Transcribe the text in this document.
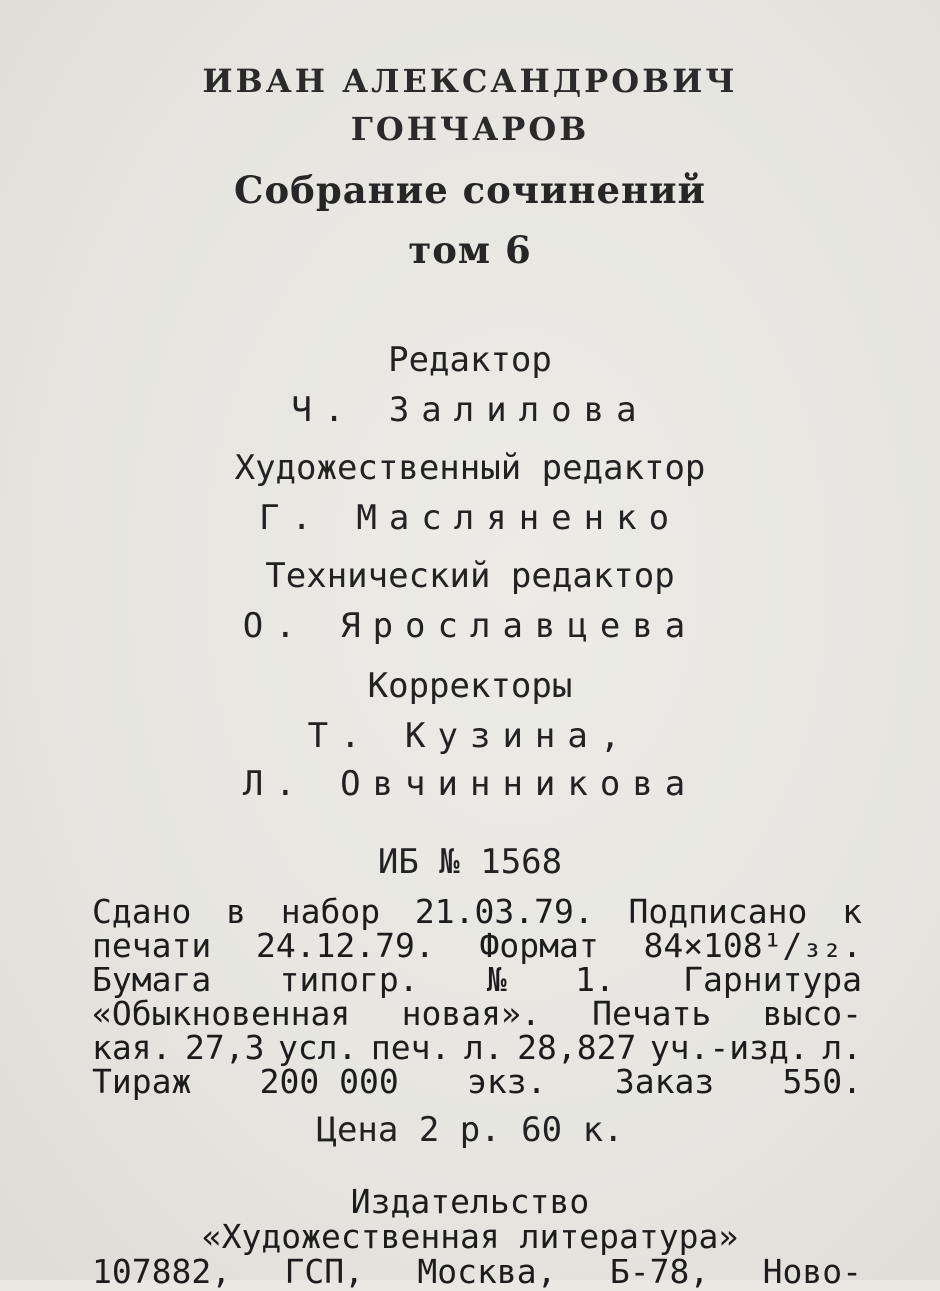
ИВАН АЛЕКСАНДРОВИЧ
ГОНЧАРОВ
Собрание сочинений
том 6
Редактор
Ч. Залилова
Художественный редактор
Г. Масляненко
Технический редактор
О. Ярославцева
Корректоры
Т. Кузина,
Л. Овчинникова
ИБ № 1568
Сдано в набор 21.03.79. Подписано к
печати 24.12.79. Формат 84×108¹/₃₂.
Бумага типогр. № 1. Гарнитура
«Обыкновенная новая». Печать высо-
кая. 27,3 усл. печ. л. 28,827 уч.-изд. л.
Тираж 200 000 экз. Заказ 550.
Цена 2 р. 60 к.
Издательство
«Художественная литература»
107882, ГСП, Москва, Б-78, Ново-
